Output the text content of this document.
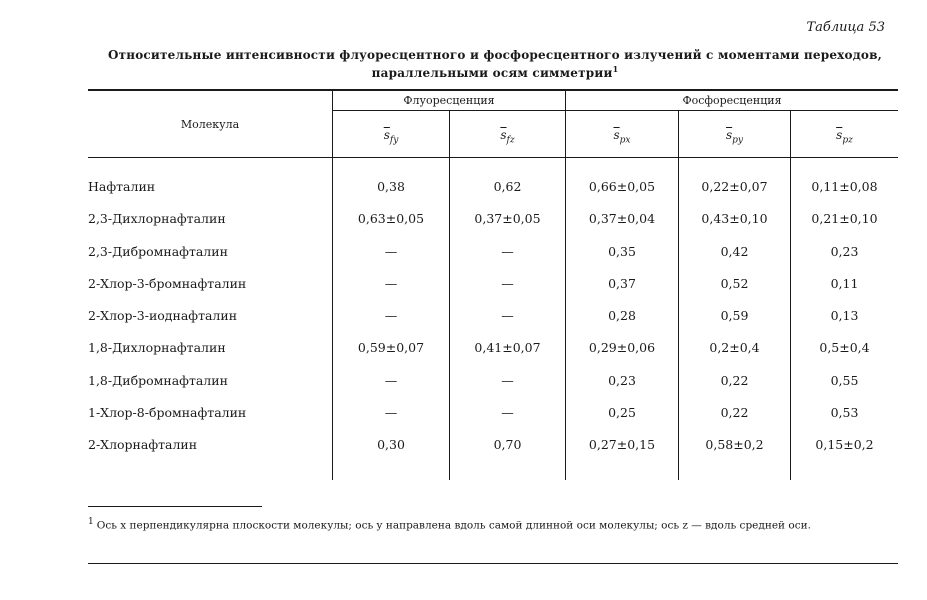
Таблица 53
Относительные интенсивности флуоресцентного и фосфоресцентного излучений с моментами переходов,
параллельными осям симметрии$^1$
Молекула
Флуоресценция	Фосфоресценция
$\overline{s}_{fy}$	$\overline{s}_{fz}$	$\overline{s}_{px}$	$\overline{s}_{py}$	$\overline{s}_{pz}$
Нафталин	0,38	0,62	0,66±0,05	0,22±0,07	0,11±0,08
2,3-Дихлорнафталин	0,63±0,05	0,37±0,05	0,37±0,04	0,43±0,10	0,21±0,10
2,3-Дибромнафталин	—	—	0,35	0,42	0,23
2-Хлор-3-бромнафталин	—	—	0,37	0,52	0,11
2-Хлор-3-иоднафталин	—	—	0,28	0,59	0,13
1,8-Дихлорнафталин	0,59±0,07	0,41±0,07	0,29±0,06	0,2±0,4	0,5±0,4
1,8-Дибромнафталин	—	—	0,23	0,22	0,55
1-Хлор-8-бромнафталин	—	—	0,25	0,22	0,53
2-Хлорнафталин	0,30	0,70	0,27±0,15	0,58±0,2	0,15±0,2
1 Ось x перпендикулярна плоскости молекулы; ось y направлена вдоль самой длинной оси молекулы; ось z — вдоль средней оси.
